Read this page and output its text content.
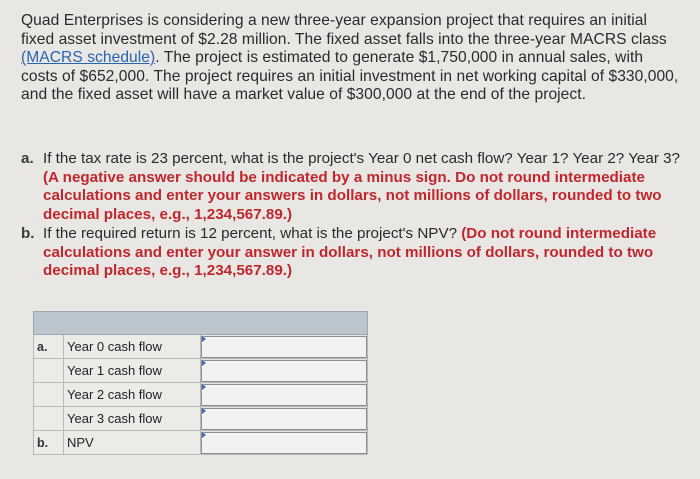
Quad Enterprises is considering a new three-year expansion project that requires an initial fixed asset investment of $2.28 million. The fixed asset falls into the three-year MACRS class (MACRS schedule). The project is estimated to generate $1,750,000 in annual sales, with costs of $652,000. The project requires an initial investment in net working capital of $330,000, and the fixed asset will have a market value of $300,000 at the end of the project.
a. If the tax rate is 23 percent, what is the project's Year 0 net cash flow? Year 1? Year 2? Year 3? (A negative answer should be indicated by a minus sign. Do not round intermediate calculations and enter your answers in dollars, not millions of dollars, rounded to two decimal places, e.g., 1,234,567.89.)
b. If the required return is 12 percent, what is the project's NPV? (Do not round intermediate calculations and enter your answer in dollars, not millions of dollars, rounded to two decimal places, e.g., 1,234,567.89.)

a.	Year 0 cash flow	

	Year 1 cash flow	

	Year 2 cash flow	

	Year 3 cash flow	

b.	NPV	
